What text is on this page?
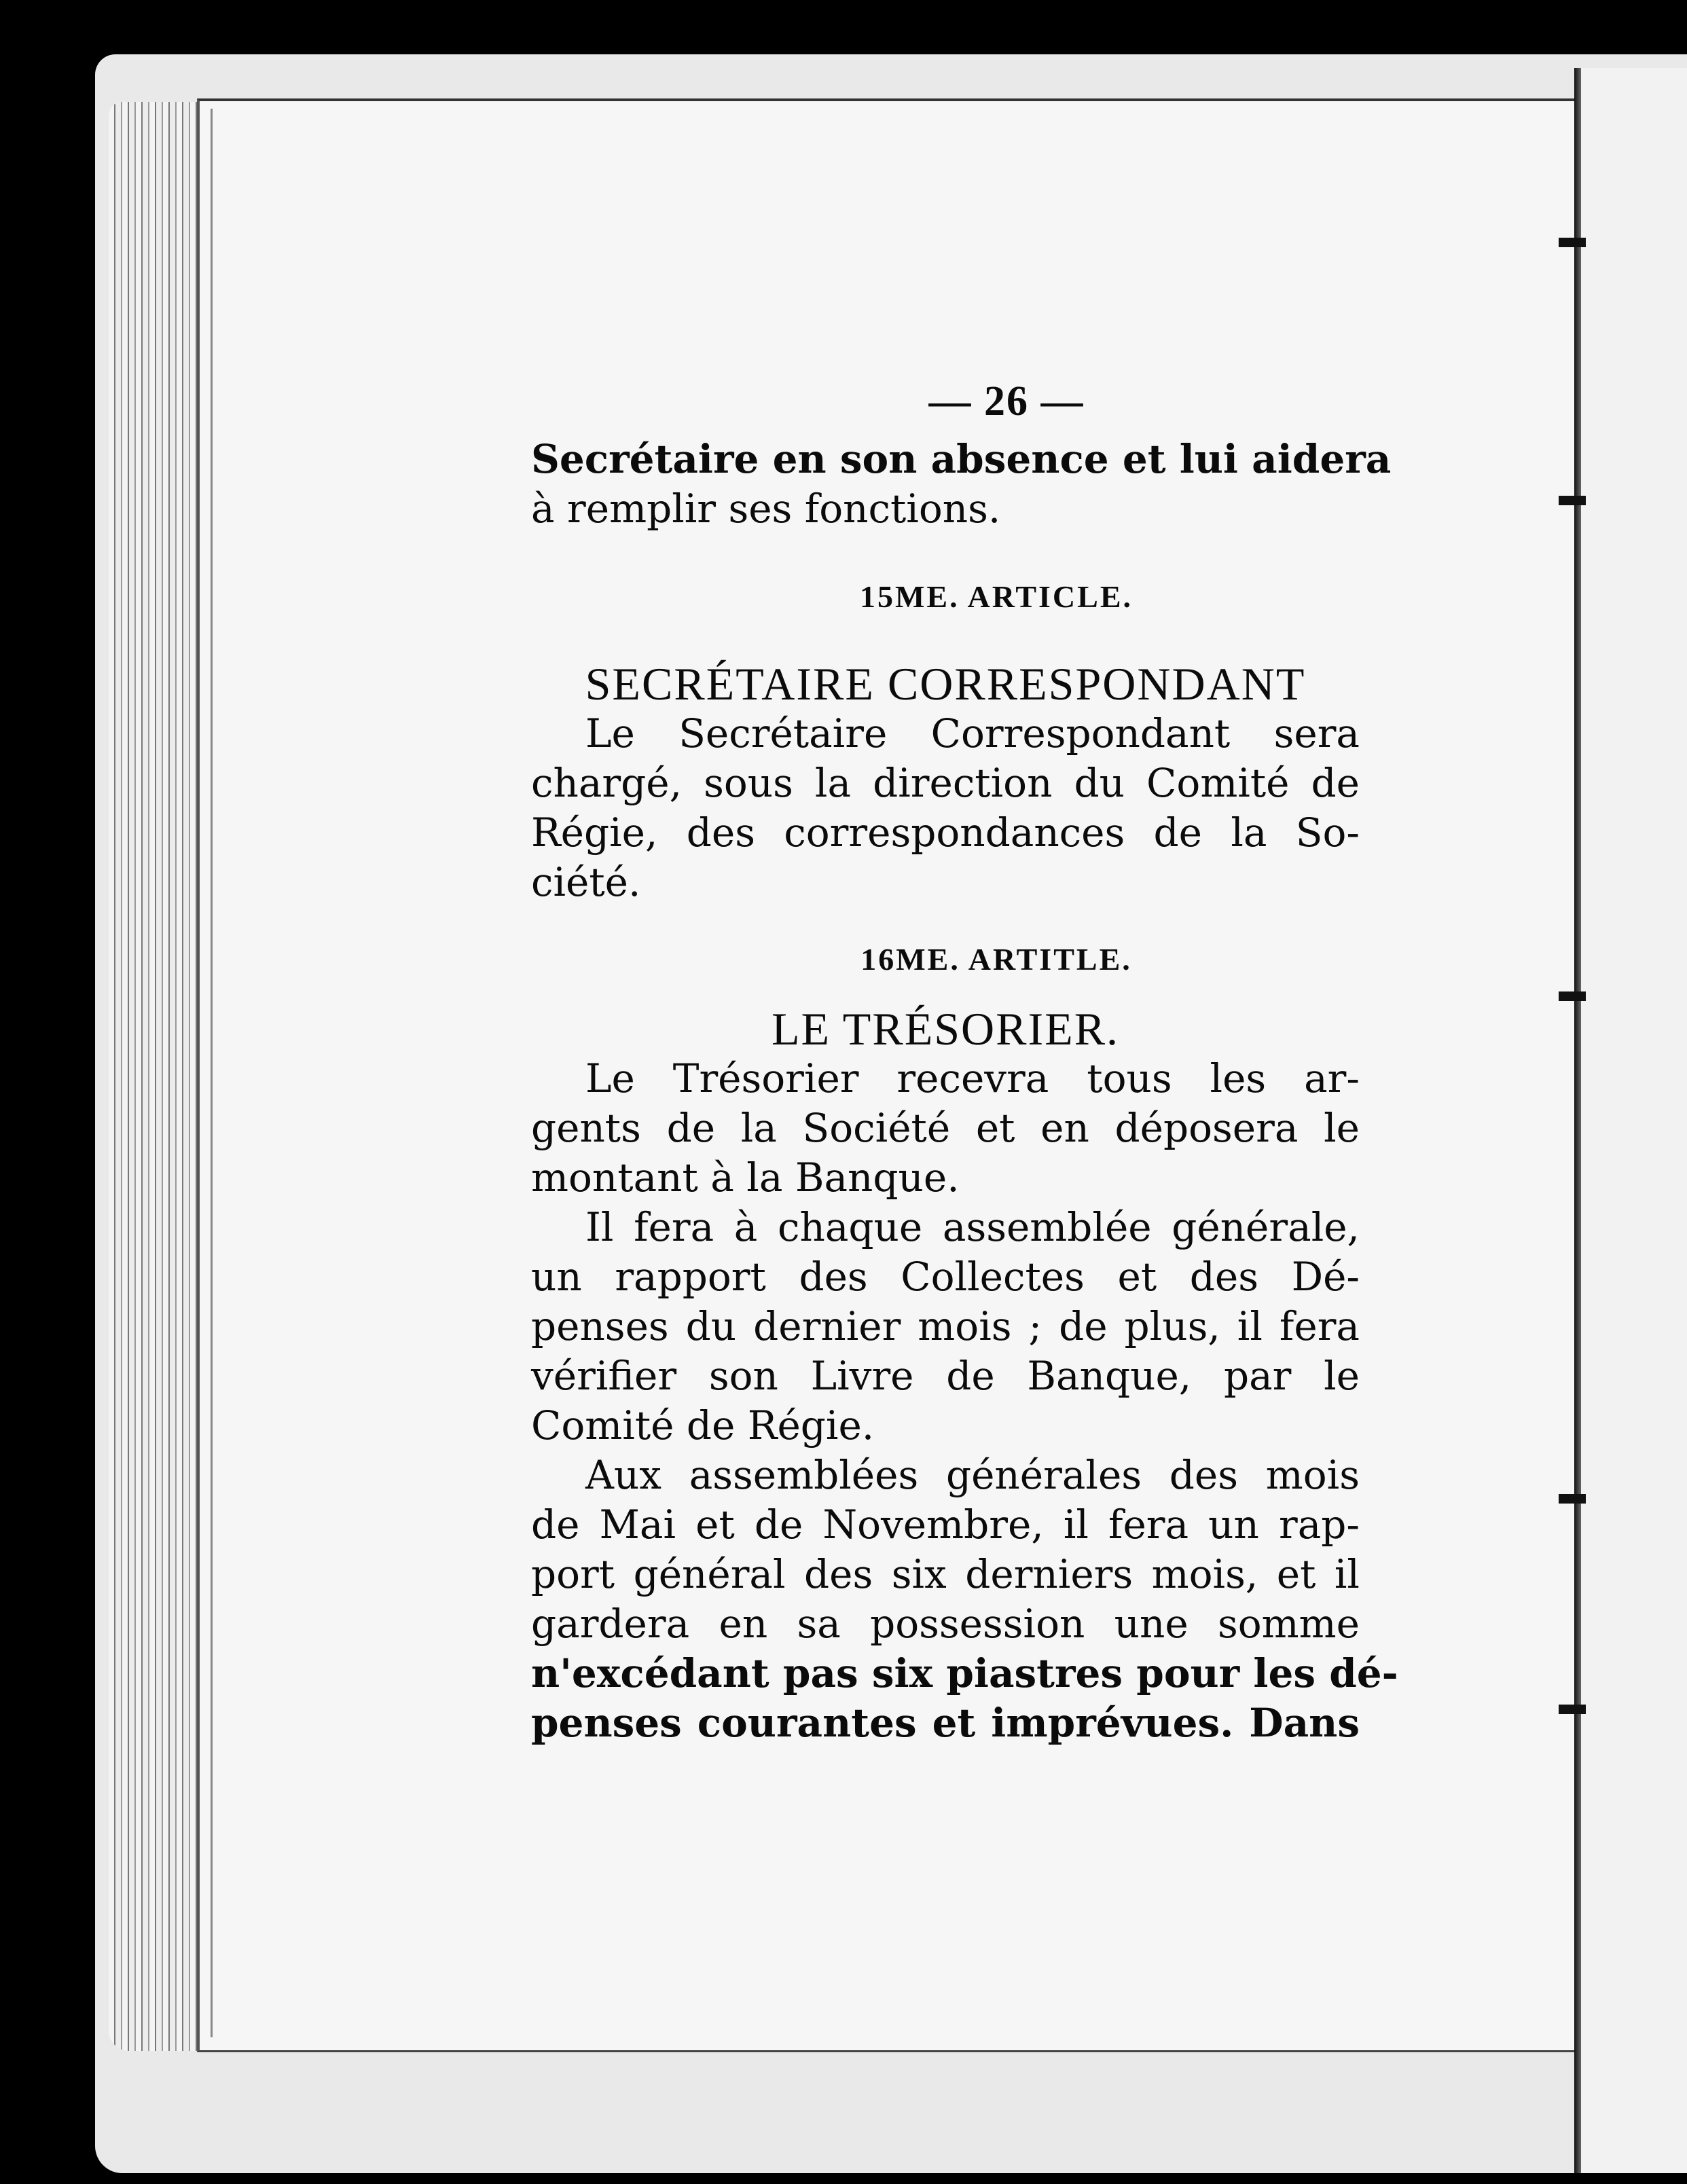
— 26 —
Secrétaire en son absence et lui aidera
à remplir ses fonctions.
15ME. ARTICLE.
SECRÉTAIRE CORRESPONDANT
Le Secrétaire Correspondant sera
chargé, sous la direction du Comité de
Régie, des correspondances de la So-
ciété.
16ME. ARTITLE.
LE TRÉSORIER.
Le Trésorier recevra tous les ar-
gents de la Société et en déposera le
montant à la Banque.
Il fera à chaque assemblée générale,
un rapport des Collectes et des Dé-
penses du dernier mois ; de plus, il fera
vérifier son Livre de Banque, par le
Comité de Régie.
Aux assemblées générales des mois
de Mai et de Novembre, il fera un rap-
port général des six derniers mois, et il
gardera en sa possession une somme
n'excédant pas six piastres pour les dé-
penses courantes et imprévues. Dans
